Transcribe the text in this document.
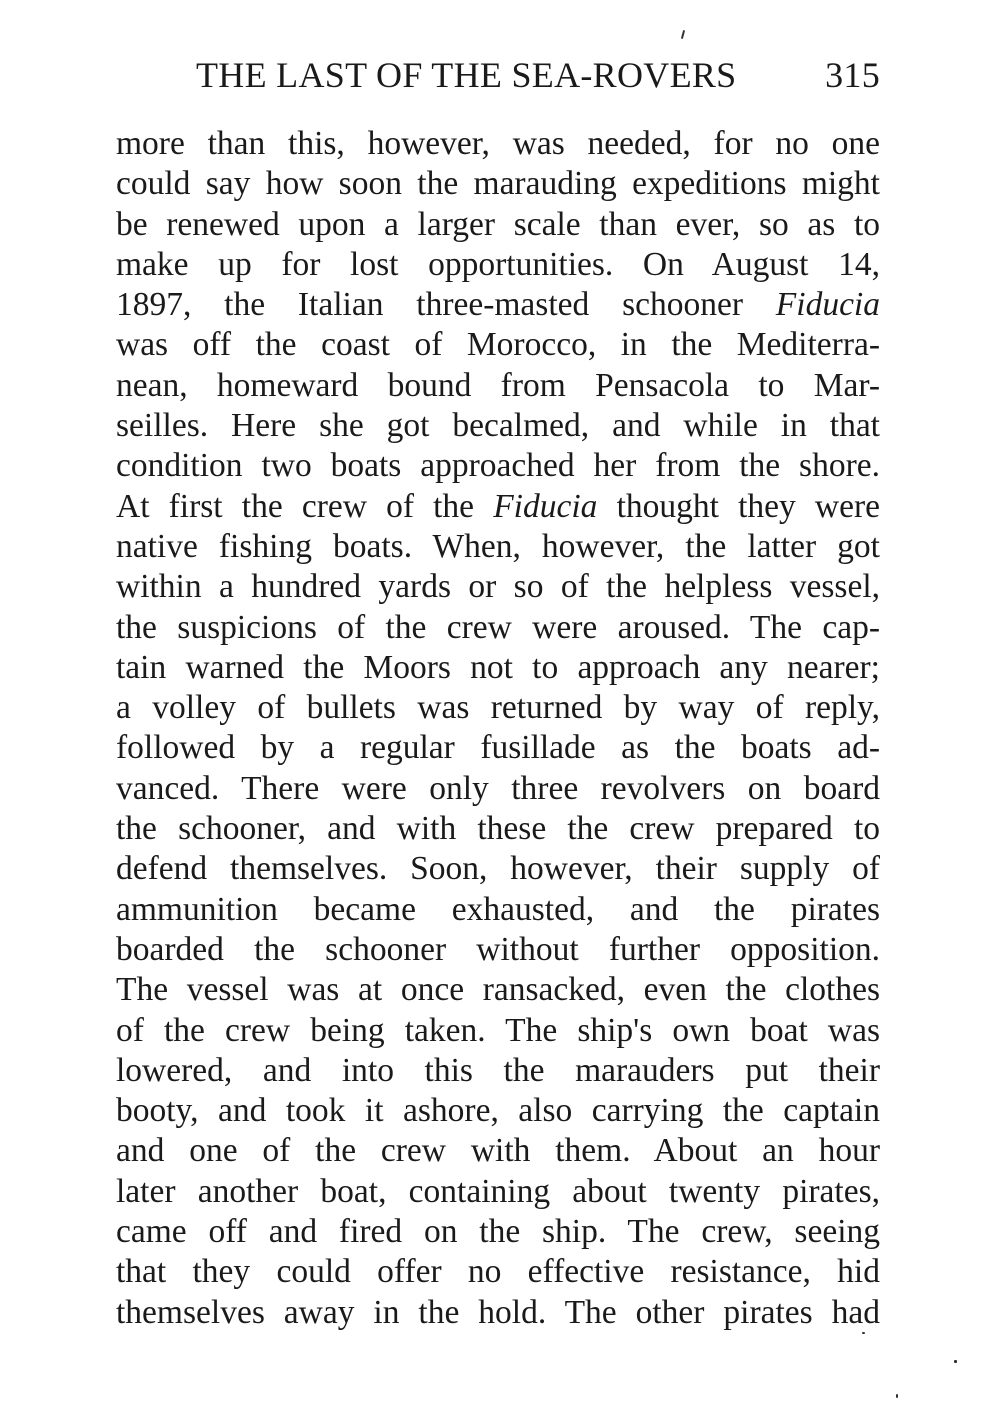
THE LAST OF THE SEA-ROVERS 315
more than this, however, was needed, for no one
could say how soon the marauding expeditions might
be renewed upon a larger scale than ever, so as to
make up for lost opportunities. On August 14,
1897, the Italian three-masted schooner Fiducia
was off the coast of Morocco, in the Mediterra-
nean, homeward bound from Pensacola to Mar-
seilles. Here she got becalmed, and while in that
condition two boats approached her from the shore.
At first the crew of the Fiducia thought they were
native fishing boats. When, however, the latter got
within a hundred yards or so of the helpless vessel,
the suspicions of the crew were aroused. The cap-
tain warned the Moors not to approach any nearer;
a volley of bullets was returned by way of reply,
followed by a regular fusillade as the boats ad-
vanced. There were only three revolvers on board
the schooner, and with these the crew prepared to
defend themselves. Soon, however, their supply of
ammunition became exhausted, and the pirates
boarded the schooner without further opposition.
The vessel was at once ransacked, even the clothes
of the crew being taken. The ship's own boat was
lowered, and into this the marauders put their
booty, and took it ashore, also carrying the captain
and one of the crew with them. About an hour
later another boat, containing about twenty pirates,
came off and fired on the ship. The crew, seeing
that they could offer no effective resistance, hid
themselves away in the hold. The other pirates had
